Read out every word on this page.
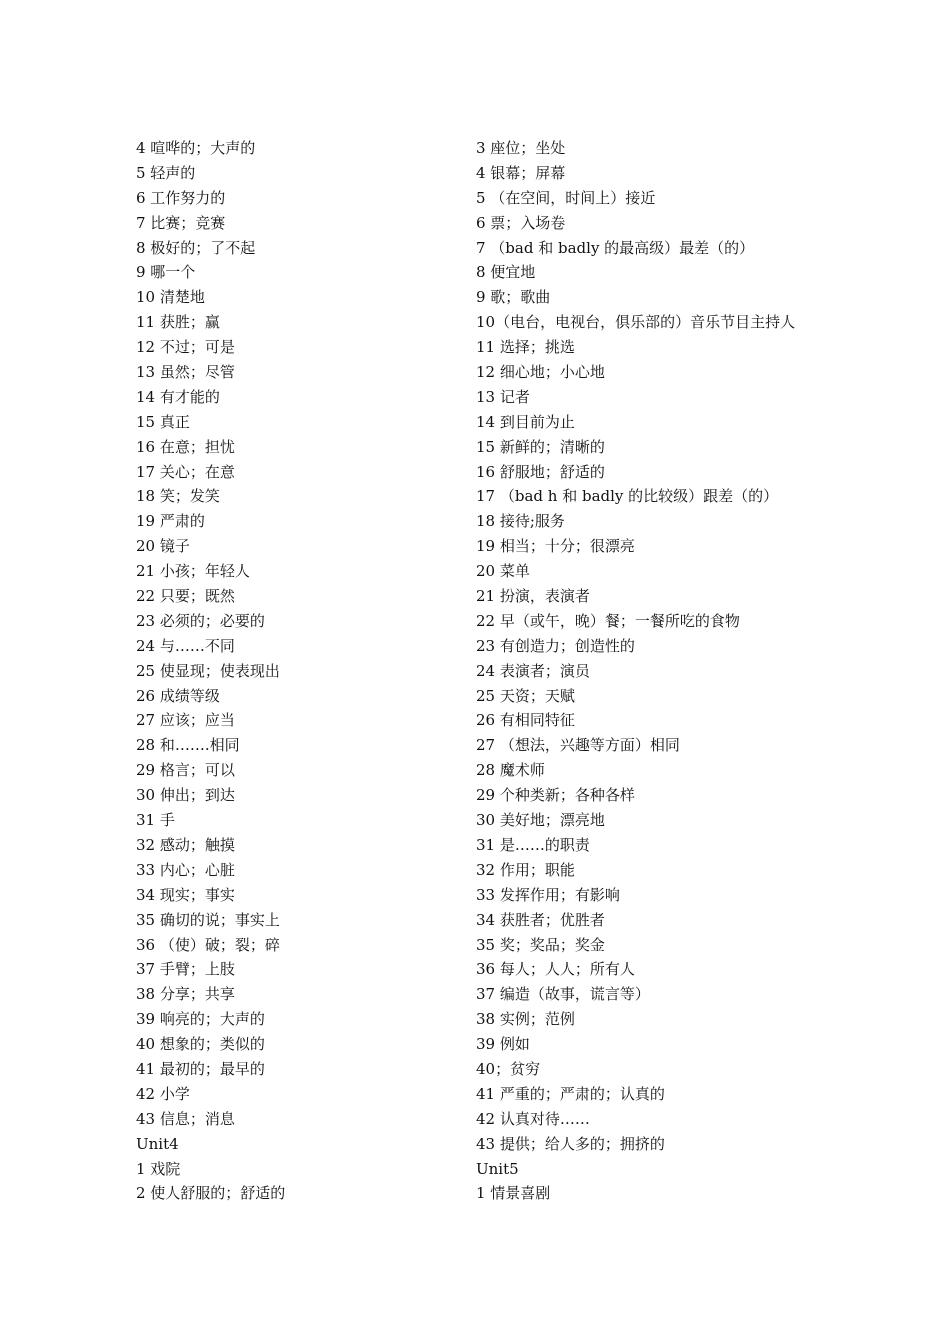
4 喧哗的；大声的
5 轻声的
6 工作努力的
7 比赛；竞赛
8 极好的；了不起
9 哪一个
10 清楚地
11 获胜；赢
12 不过；可是
13 虽然；尽管
14 有才能的
15 真正
16 在意；担忧
17 关心；在意
18 笑；发笑
19 严肃的
20 镜子
21 小孩；年轻人
22 只要；既然
23 必须的；必要的
24 与……不同
25 使显现；使表现出
26 成绩等级
27 应该；应当
28 和…….相同
29 格言；可以
30 伸出；到达
31 手
32 感动；触摸
33 内心；心脏
34 现实；事实
35 确切的说；事实上
36 （使）破；裂；碎
37 手臂；上肢
38 分享；共享
39 响亮的；大声的
40 想象的；类似的
41 最初的；最早的
42 小学
43 信息；消息
Unit4
1 戏院
2 使人舒服的；舒适的
3 座位；坐处
4 银幕；屏幕
5 （在空间，时间上）接近
6 票；入场卷
7 （bad 和 badly 的最高级）最差（的）
8 便宜地
9 歌；歌曲
10（电台，电视台，俱乐部的）音乐节目主持人
11 选择；挑选
12 细心地；小心地
13 记者
14 到目前为止
15 新鲜的；清晰的
16 舒服地；舒适的
17 （bad h 和 badly 的比较级）跟差（的）
18 接待;服务
19 相当；十分；很漂亮
20 菜单
21 扮演，表演者
22 早（或午，晚）餐；一餐所吃的食物
23 有创造力；创造性的
24 表演者；演员
25 天资；天赋
26 有相同特征
27 （想法，兴趣等方面）相同
28 魔术师
29 个种类新；各种各样
30 美好地；漂亮地
31 是……的职责
32 作用；职能
33 发挥作用；有影响
34 获胜者；优胜者
35 奖；奖品；奖金
36 每人；人人；所有人
37 编造（故事，谎言等）
38 实例；范例
39 例如
40；贫穷
41 严重的；严肃的；认真的
42 认真对待……
43 提供；给人多的；拥挤的
Unit5
1 情景喜剧
